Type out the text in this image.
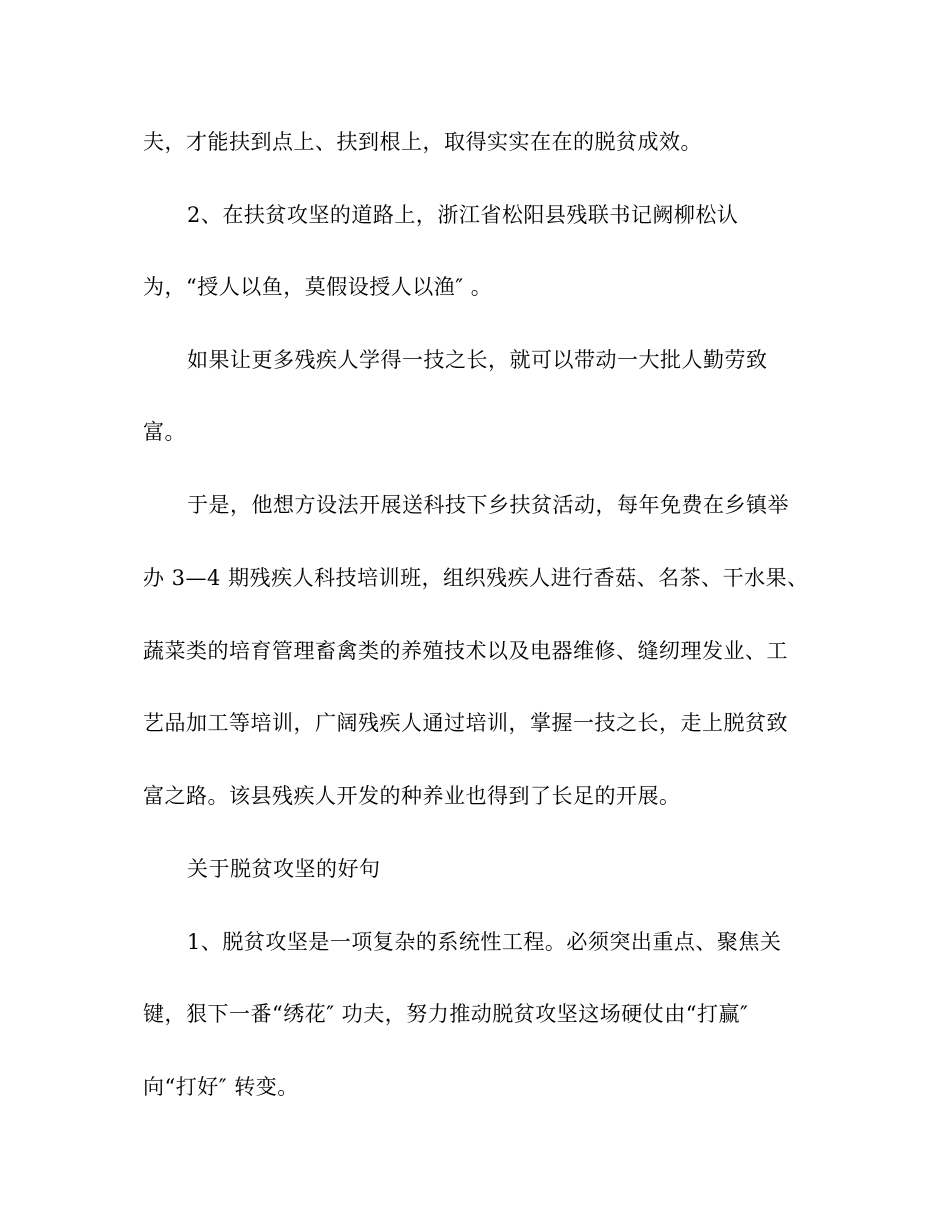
夫，才能扶到点上、扶到根上，取得实实在在的脱贫成效。
2、在扶贫攻坚的道路上，浙江省松阳县残联书记阙柳松认
为，“授人以鱼，莫假设授人以渔″ 。
如果让更多残疾人学得一技之长，就可以带动一大批人勤劳致
富。
于是，他想方设法开展送科技下乡扶贫活动，每年免费在乡镇举
办 3—4 期残疾人科技培训班，组织残疾人进行香菇、名茶、干水果、
蔬菜类的培育管理畜禽类的养殖技术以及电器维修、缝纫理发业、工
艺品加工等培训，广阔残疾人通过培训，掌握一技之长，走上脱贫致
富之路。该县残疾人开发的种养业也得到了长足的开展。
关于脱贫攻坚的好句
1、脱贫攻坚是一项复杂的系统性工程。必须突出重点、聚焦关
键，狠下一番“绣花″ 功夫，努力推动脱贫攻坚这场硬仗由“打赢″
向“打好″ 转变。
